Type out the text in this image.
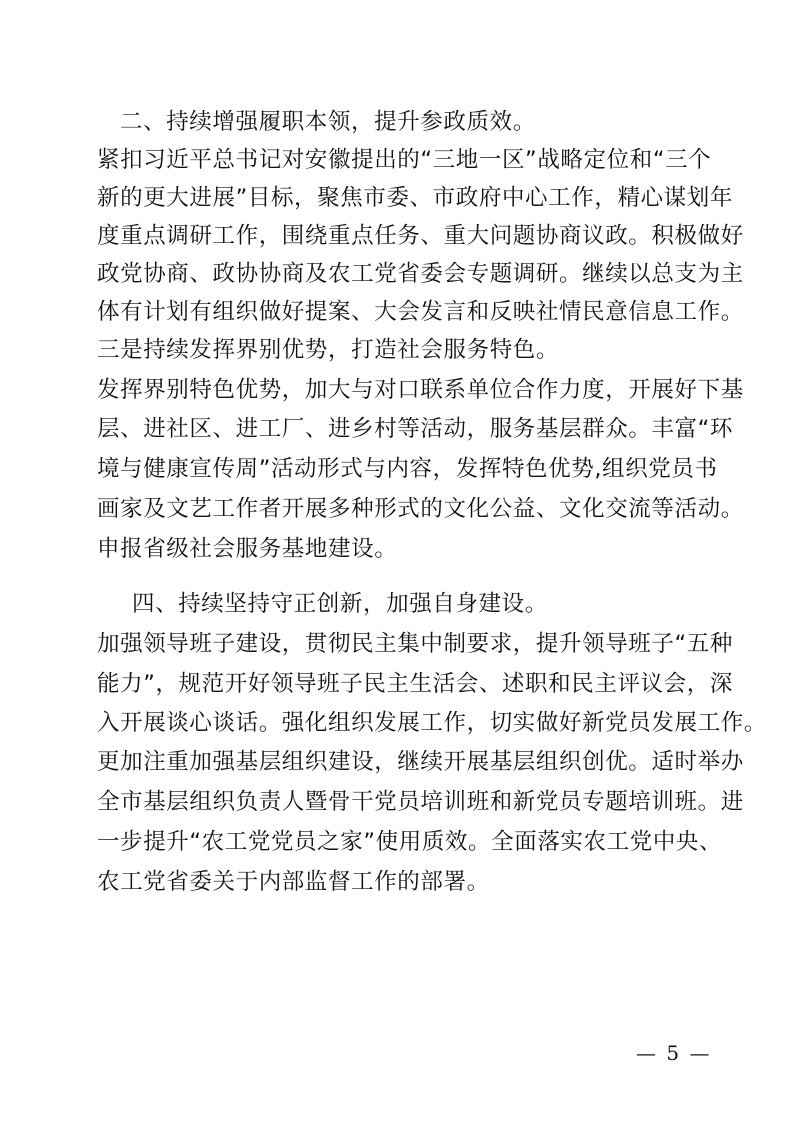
二、持续增强履职本领，提升参政质效。
紧扣习近平总书记对安徽提出的“三地一区”战略定位和“三个
新的更大进展”目标，聚焦市委、市政府中心工作，精心谋划年
度重点调研工作，围绕重点任务、重大问题协商议政。积极做好
政党协商、政协协商及农工党省委会专题调研。继续以总支为主
体有计划有组织做好提案、大会发言和反映社情民意信息工作。
三是持续发挥界别优势，打造社会服务特色。
发挥界别特色优势，加大与对口联系单位合作力度，开展好下基
层、进社区、进工厂、进乡村等活动，服务基层群众。丰富“环
境与健康宣传周”活动形式与内容，发挥特色优势,组织党员书
画家及文艺工作者开展多种形式的文化公益、文化交流等活动。
申报省级社会服务基地建设。
四、持续坚持守正创新，加强自身建设。
加强领导班子建设，贯彻民主集中制要求，提升领导班子“五种
能力”，规范开好领导班子民主生活会、述职和民主评议会，深
入开展谈心谈话。强化组织发展工作，切实做好新党员发展工作。
更加注重加强基层组织建设，继续开展基层组织创优。适时举办
全市基层组织负责人暨骨干党员培训班和新党员专题培训班。进
一步提升“农工党党员之家”使用质效。全面落实农工党中央、
农工党省委关于内部监督工作的部署。
— 5 —
